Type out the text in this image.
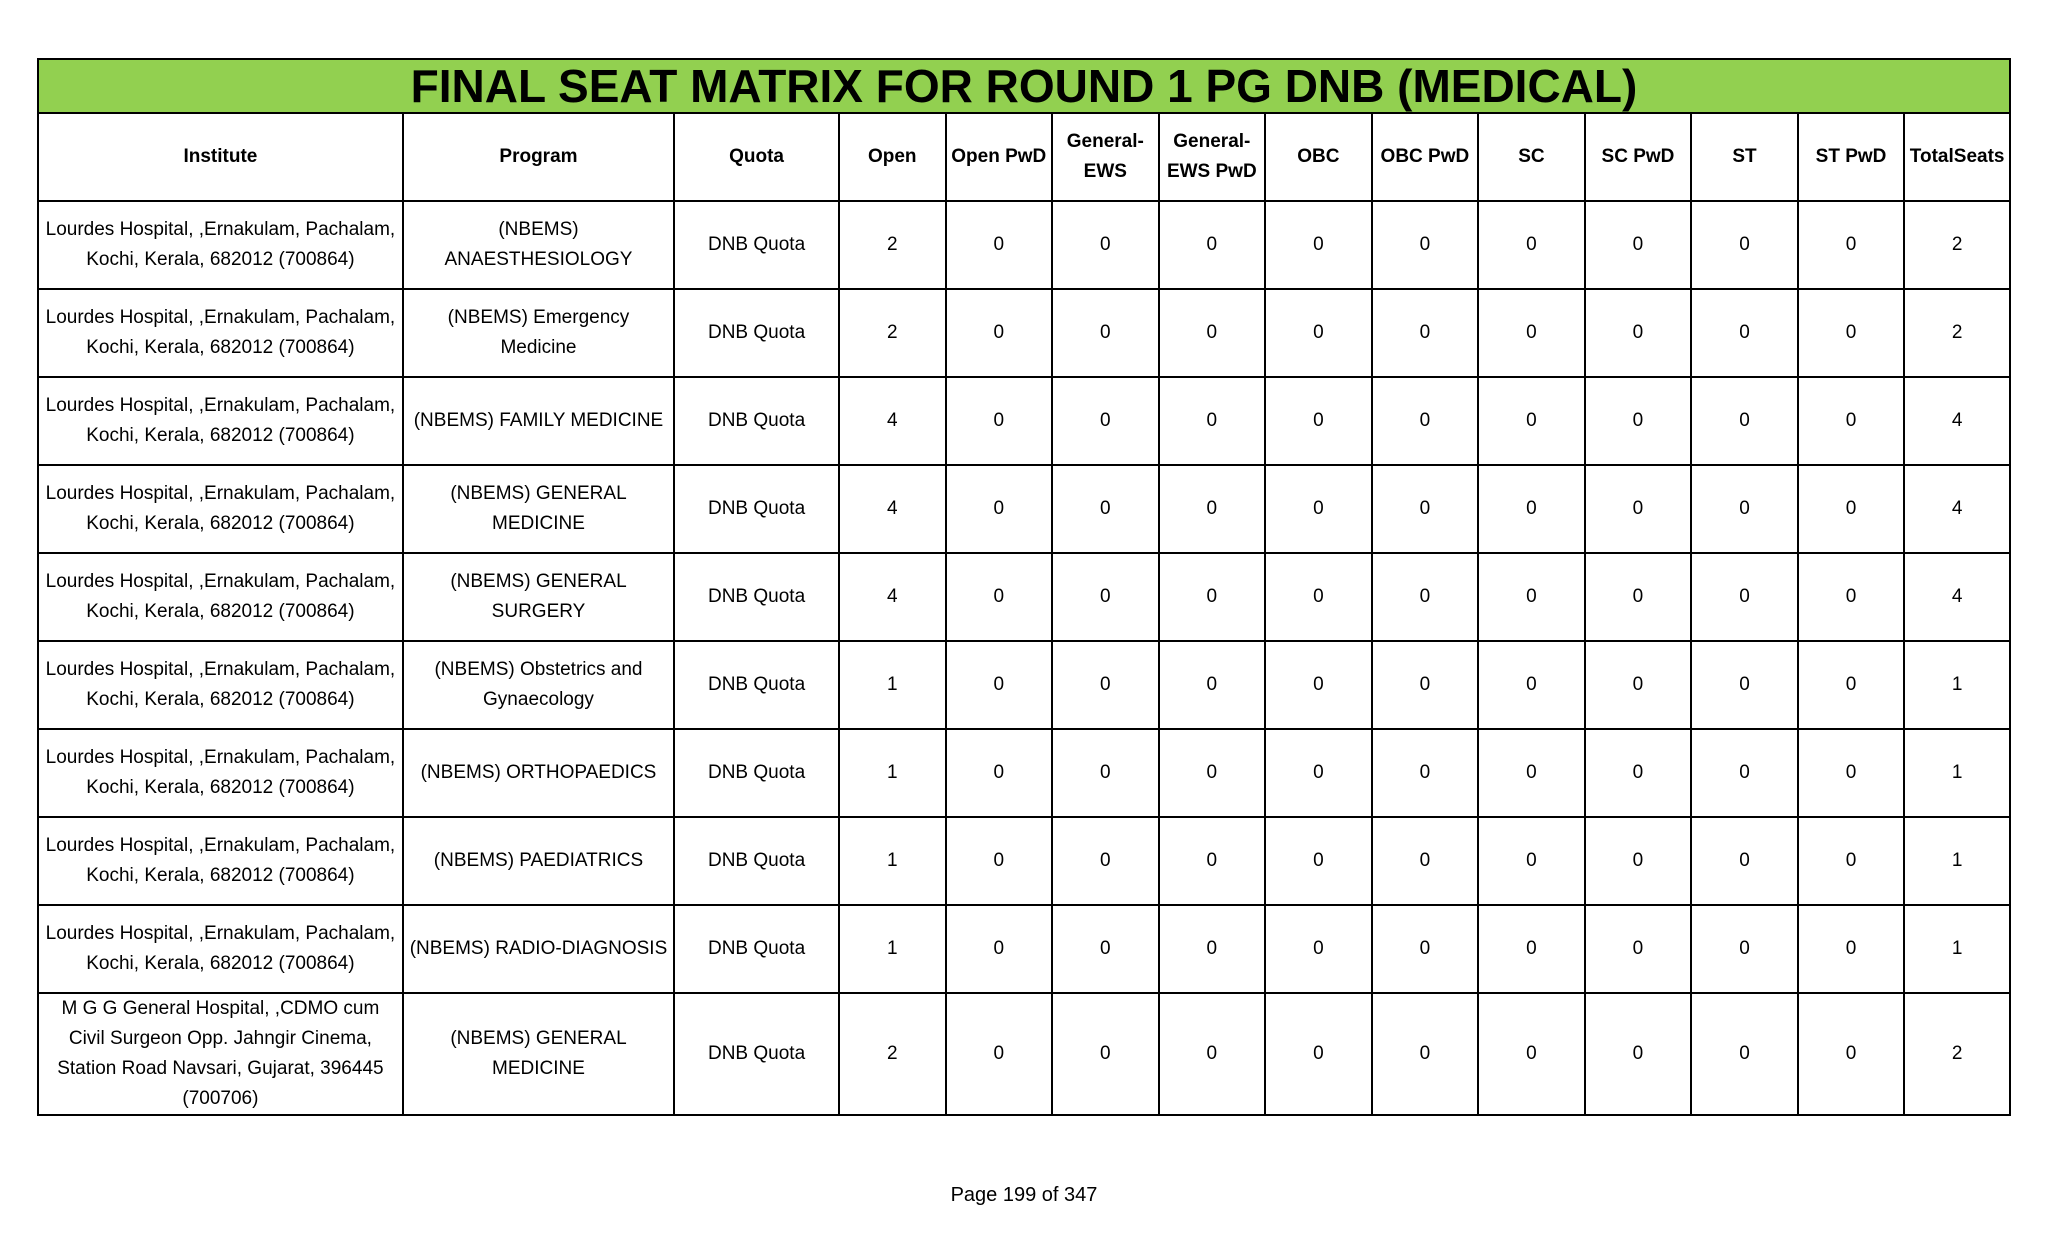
FINAL SEAT MATRIX FOR ROUND 1 PG DNB (MEDICAL)													
Institute	Program	Quota	Open	Open PwD	General-EWS	General-EWS PwD	OBC	OBC PwD	SC	SC PwD	ST	ST PwD	TotalSeats
Lourdes Hospital, ,Ernakulam, Pachalam, Kochi, Kerala, 682012 (700864)	(NBEMS) ANAESTHESIOLOGY	DNB Quota	2	0	0	0	0	0	0	0	0	0	2
Lourdes Hospital, ,Ernakulam, Pachalam, Kochi, Kerala, 682012 (700864)	(NBEMS) Emergency Medicine	DNB Quota	2	0	0	0	0	0	0	0	0	0	2
Lourdes Hospital, ,Ernakulam, Pachalam, Kochi, Kerala, 682012 (700864)	(NBEMS) FAMILY MEDICINE	DNB Quota	4	0	0	0	0	0	0	0	0	0	4
Lourdes Hospital, ,Ernakulam, Pachalam, Kochi, Kerala, 682012 (700864)	(NBEMS) GENERAL MEDICINE	DNB Quota	4	0	0	0	0	0	0	0	0	0	4
Lourdes Hospital, ,Ernakulam, Pachalam, Kochi, Kerala, 682012 (700864)	(NBEMS) GENERAL SURGERY	DNB Quota	4	0	0	0	0	0	0	0	0	0	4
Lourdes Hospital, ,Ernakulam, Pachalam, Kochi, Kerala, 682012 (700864)	(NBEMS) Obstetrics and Gynaecology	DNB Quota	1	0	0	0	0	0	0	0	0	0	1
Lourdes Hospital, ,Ernakulam, Pachalam, Kochi, Kerala, 682012 (700864)	(NBEMS) ORTHOPAEDICS	DNB Quota	1	0	0	0	0	0	0	0	0	0	1
Lourdes Hospital, ,Ernakulam, Pachalam, Kochi, Kerala, 682012 (700864)	(NBEMS) PAEDIATRICS	DNB Quota	1	0	0	0	0	0	0	0	0	0	1
Lourdes Hospital, ,Ernakulam, Pachalam, Kochi, Kerala, 682012 (700864)	(NBEMS) RADIO-DIAGNOSIS	DNB Quota	1	0	0	0	0	0	0	0	0	0	1
M G G General Hospital, ,CDMO cum Civil Surgeon Opp. Jahngir Cinema, Station Road Navsari, Gujarat, 396445 (700706)	(NBEMS) GENERAL MEDICINE	DNB Quota	2	0	0	0	0	0	0	0	0	0	2
Page 199 of 347
